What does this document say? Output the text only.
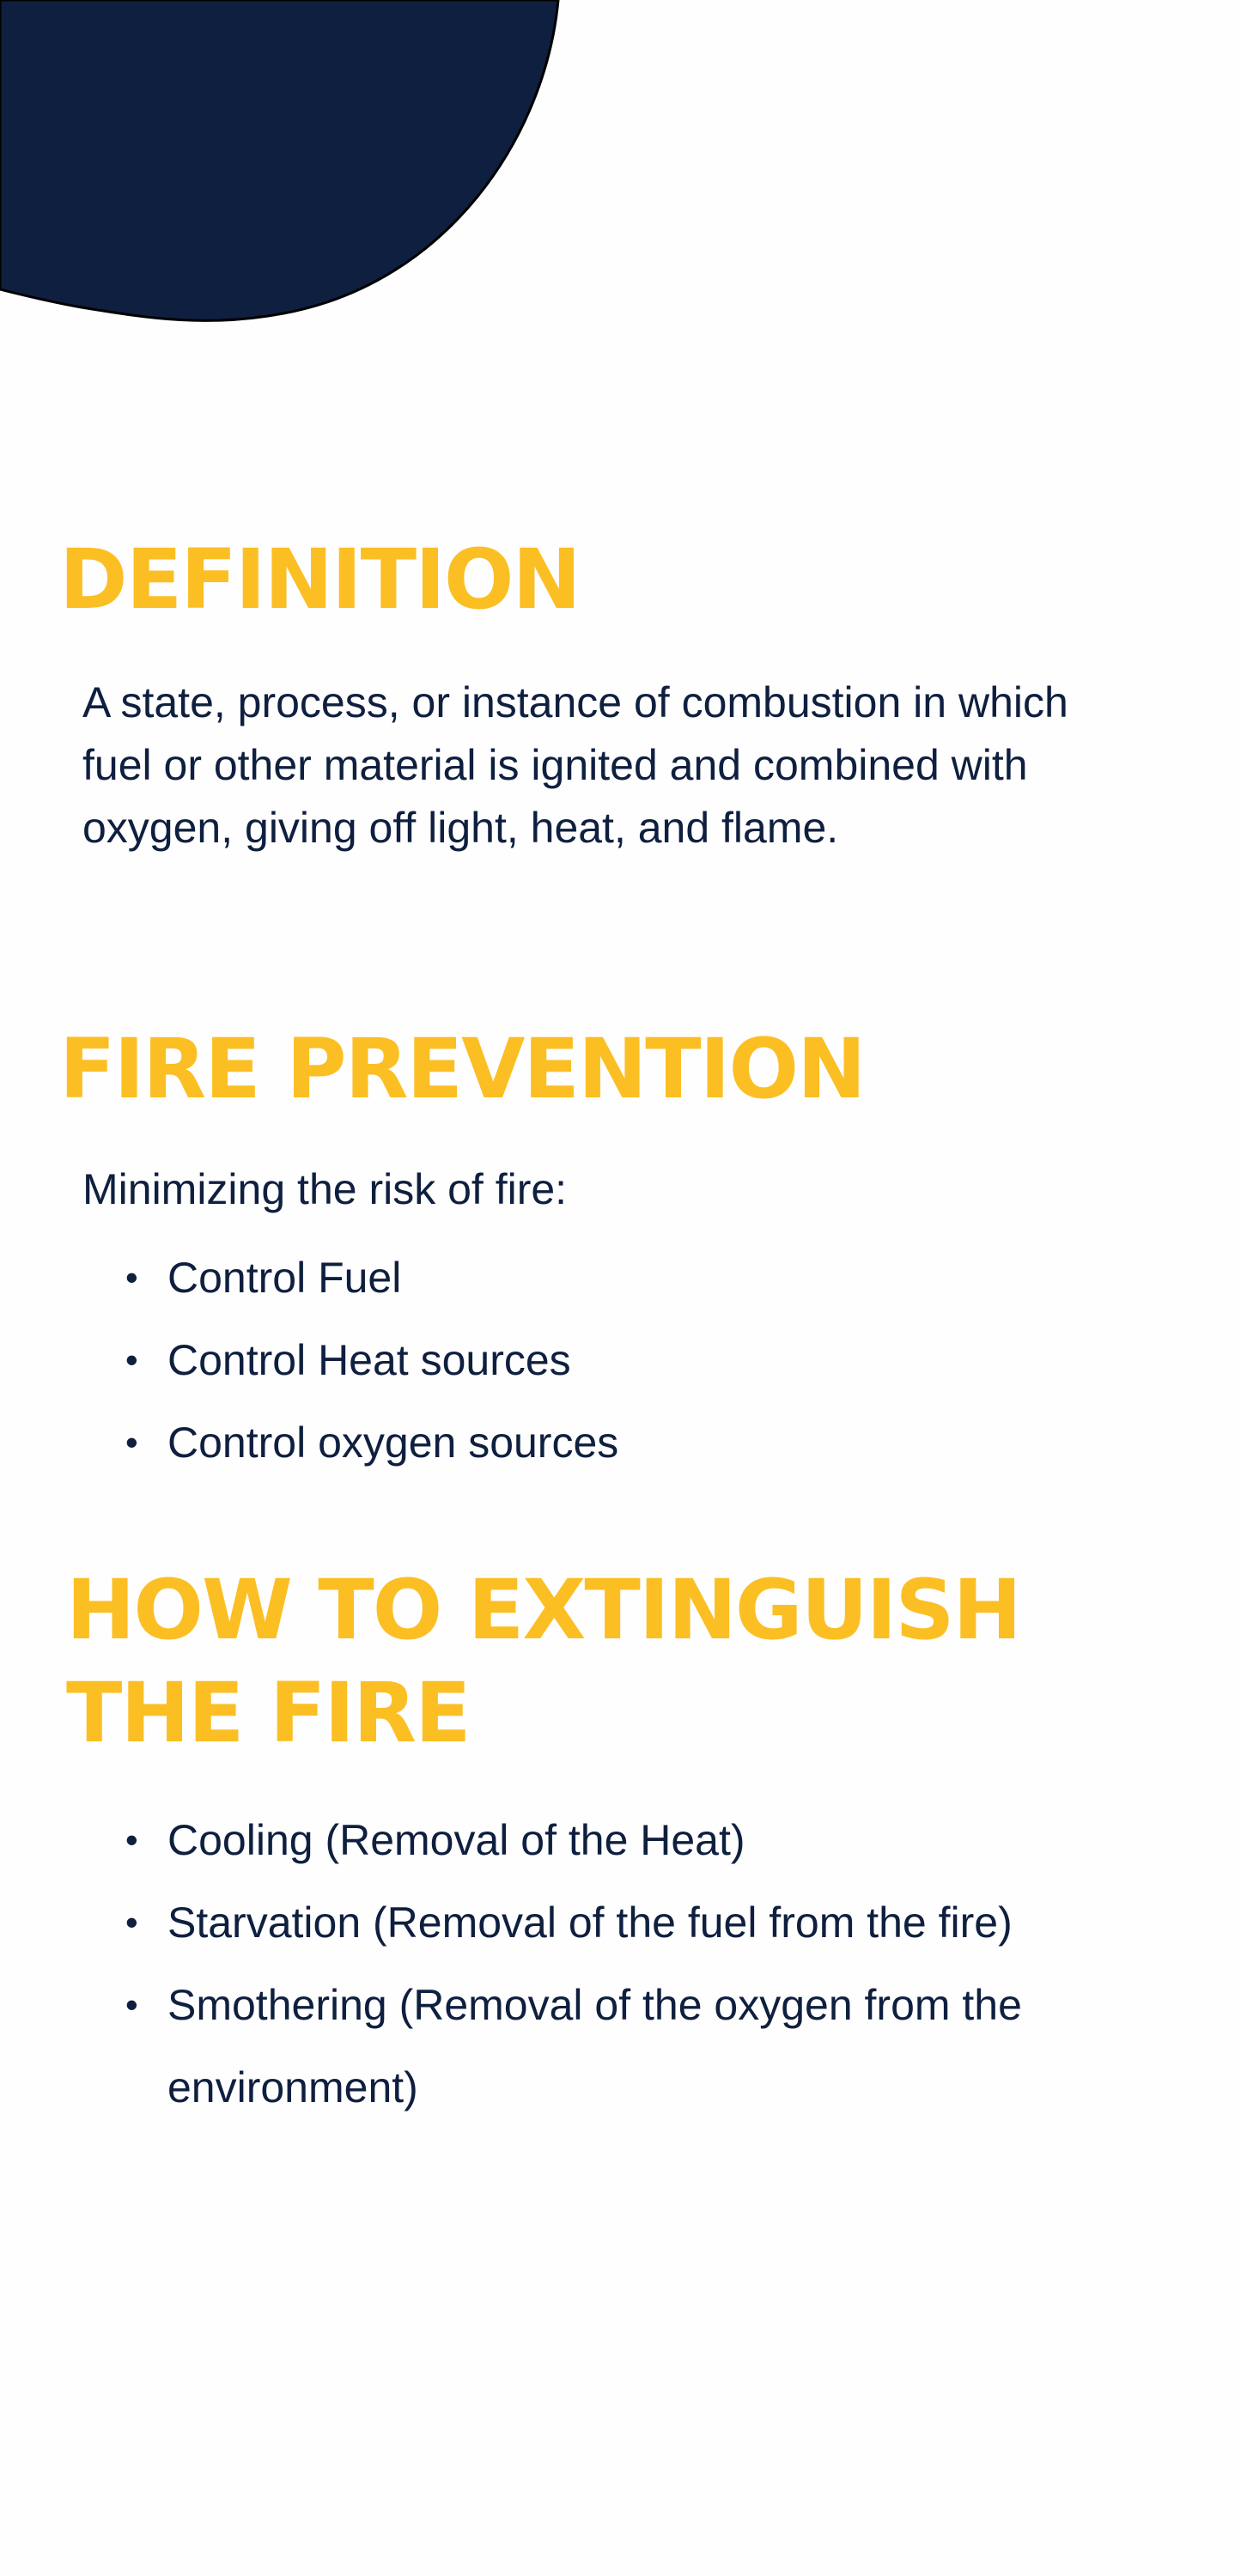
DEFINITION

A state, process, or instance of combustion in which fuel or other material is ignited and combined with oxygen, giving off light, heat, and flame.

FIRE PREVENTION

Minimizing the risk of fire:

• Control Fuel
• Control Heat sources
• Control oxygen sources
HOW TO EXTINGUISH
THE FIRE
• Cooling (Removal of the Heat)
• Starvation (Removal of the fuel from the fire)
• Smothering (Removal of the oxygen from the environment)
